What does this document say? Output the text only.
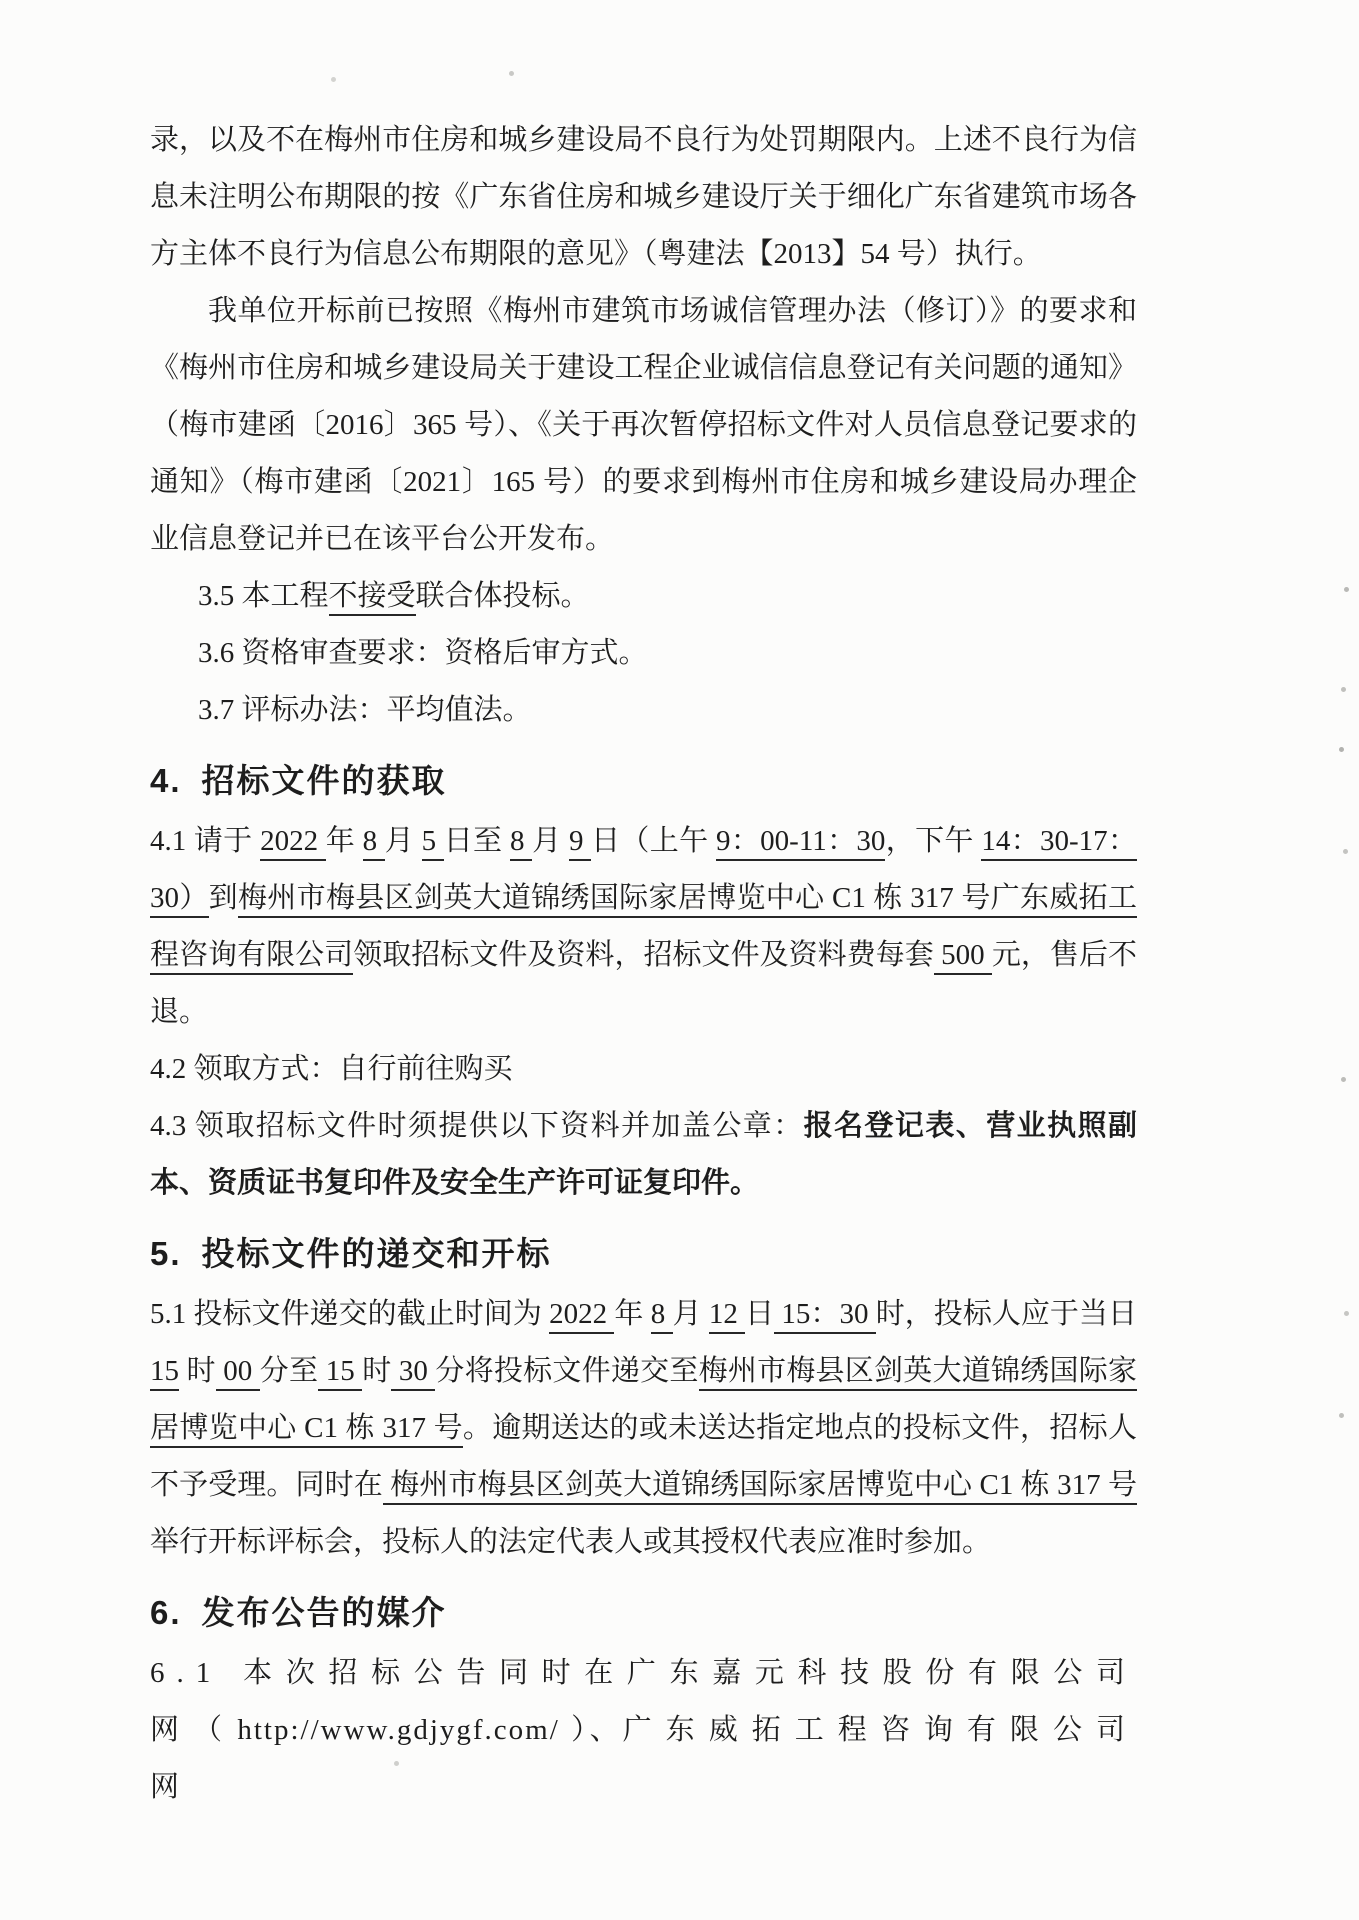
录，以及不在梅州市住房和城乡建设局不良行为处罚期限内。上述不良行为信息未注明公布期限的按《广东省住房和城乡建设厅关于细化广东省建筑市场各方主体不良行为信息公布期限的意见》（粤建法【2013】54 号）执行。

我单位开标前已按照《梅州市建筑市场诚信管理办法（修订）》的要求和《梅州市住房和城乡建设局关于建设工程企业诚信信息登记有关问题的通知》（梅市建函〔2016〕365 号）、《关于再次暂停招标文件对人员信息登记要求的通知》（梅市建函〔2021〕165 号）的要求到梅州市住房和城乡建设局办理企业信息登记并已在该平台公开发布。

3.5 本工程不接受联合体投标。

3.6 资格审查要求：资格后审方式。

3.7 评标办法：平均值法。

4. 招标文件的获取

4.1 请于 2022 年 8 月 5 日至 8 月 9 日（上午 9：00-11：30，下午 14：30-17：30）到梅州市梅县区剑英大道锦绣国际家居博览中心 C1 栋 317 号广东威拓工程咨询有限公司领取招标文件及资料，招标文件及资料费每套 500 元，售后不退。

4.2 领取方式：自行前往购买

4.3 领取招标文件时须提供以下资料并加盖公章：报名登记表、营业执照副本、资质证书复印件及安全生产许可证复印件。

5. 投标文件的递交和开标

5.1 投标文件递交的截止时间为 2022 年 8 月 12 日 15：30 时，投标人应于当日 15 时 00 分至 15 时 30 分将投标文件递交至梅州市梅县区剑英大道锦绣国际家居博览中心 C1 栋 317 号。逾期送达的或未送达指定地点的投标文件，招标人不予受理。同时在 梅州市梅县区剑英大道锦绣国际家居博览中心 C1 栋 317 号 举行开标评标会，投标人的法定代表人或其授权代表应准时参加。

6. 发布公告的媒介

6.1 本次招标公告同时在广东嘉元科技股份有限公司网（ http://www.gdjygf.com/ ）、广东威拓工程咨询有限公司网
